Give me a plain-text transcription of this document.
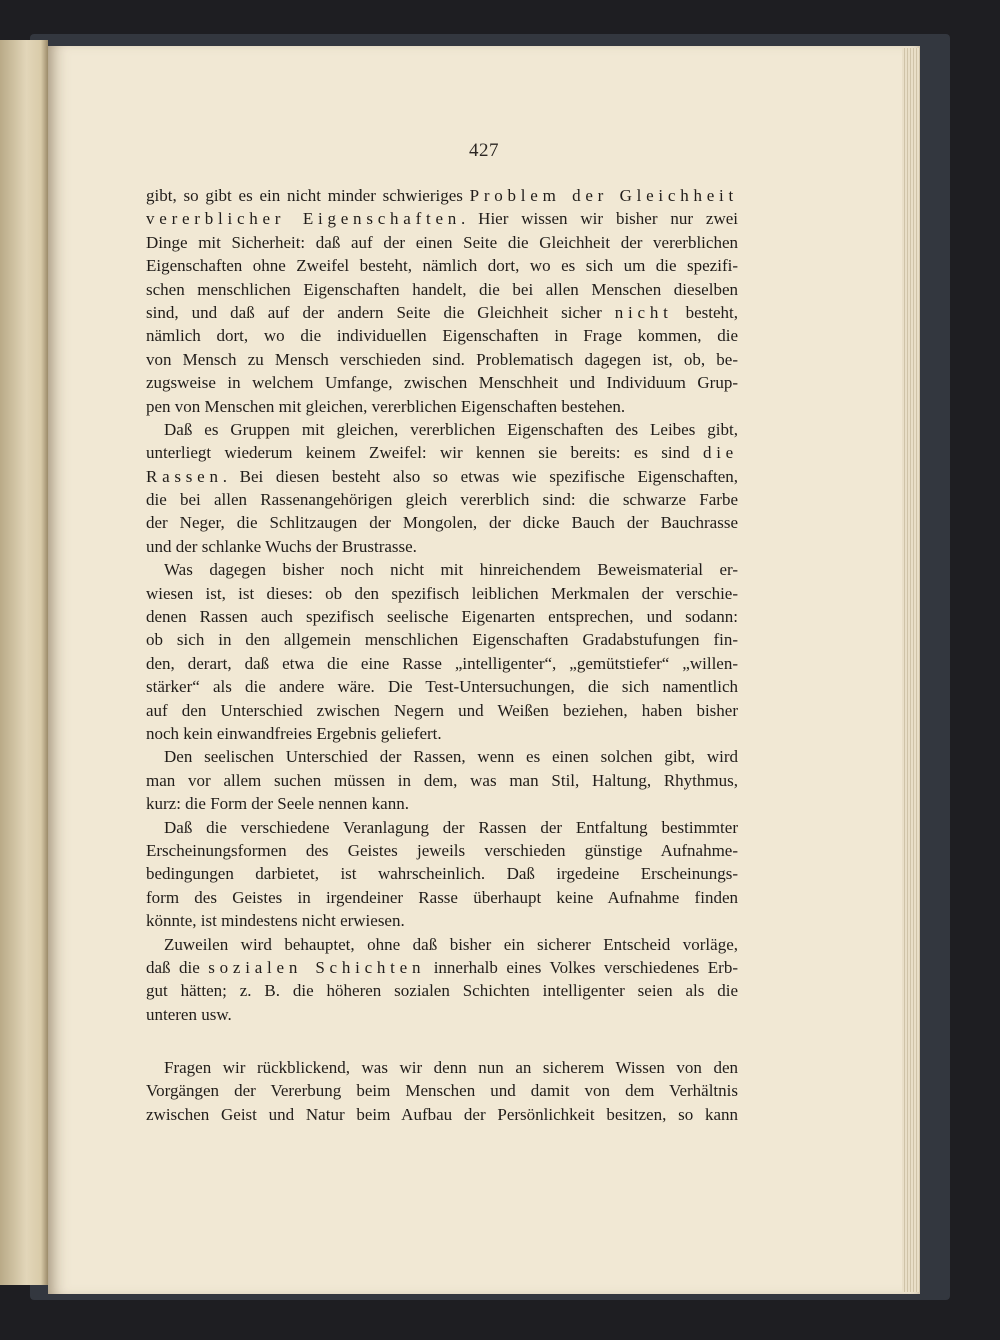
427
gibt, so gibt es ein nicht minder schwieriges Problem der Gleichheit
vererblicher Eigenschaften. Hier wissen wir bisher nur zwei
Dinge mit Sicherheit: daß auf der einen Seite die Gleichheit der vererblichen
Eigenschaften ohne Zweifel besteht, nämlich dort, wo es sich um die spezifi-
schen menschlichen Eigenschaften handelt, die bei allen Menschen dieselben
sind, und daß auf der andern Seite die Gleichheit sicher nicht besteht,
nämlich dort, wo die individuellen Eigenschaften in Frage kommen, die
von Mensch zu Mensch verschieden sind. Problematisch dagegen ist, ob, be-
zugsweise in welchem Umfange, zwischen Menschheit und Individuum Grup-
pen von Menschen mit gleichen, vererblichen Eigenschaften bestehen.
Daß es Gruppen mit gleichen, vererblichen Eigenschaften des Leibes gibt,
unterliegt wiederum keinem Zweifel: wir kennen sie bereits: es sind die
Rassen. Bei diesen besteht also so etwas wie spezifische Eigenschaften,
die bei allen Rassenangehörigen gleich vererblich sind: die schwarze Farbe
der Neger, die Schlitzaugen der Mongolen, der dicke Bauch der Bauchrasse
und der schlanke Wuchs der Brustrasse.
Was dagegen bisher noch nicht mit hinreichendem Beweismaterial er-
wiesen ist, ist dieses: ob den spezifisch leiblichen Merkmalen der verschie-
denen Rassen auch spezifisch seelische Eigenarten entsprechen, und sodann:
ob sich in den allgemein menschlichen Eigenschaften Gradabstufungen fin-
den, derart, daß etwa die eine Rasse „intelligenter“, „gemütstiefer“ „willen-
stärker“ als die andere wäre. Die Test-Untersuchungen, die sich namentlich
auf den Unterschied zwischen Negern und Weißen beziehen, haben bisher
noch kein einwandfreies Ergebnis geliefert.
Den seelischen Unterschied der Rassen, wenn es einen solchen gibt, wird
man vor allem suchen müssen in dem, was man Stil, Haltung, Rhythmus,
kurz: die Form der Seele nennen kann.
Daß die verschiedene Veranlagung der Rassen der Entfaltung bestimmter
Erscheinungsformen des Geistes jeweils verschieden günstige Aufnahme-
bedingungen darbietet, ist wahrscheinlich. Daß irgedeine Erscheinungs-
form des Geistes in irgendeiner Rasse überhaupt keine Aufnahme finden
könnte, ist mindestens nicht erwiesen.
Zuweilen wird behauptet, ohne daß bisher ein sicherer Entscheid vorläge,
daß die sozialen Schichten innerhalb eines Volkes verschiedenes Erb-
gut hätten; z. B. die höheren sozialen Schichten intelligenter seien als die
unteren usw.
Fragen wir rückblickend, was wir denn nun an sicherem Wissen von den
Vorgängen der Vererbung beim Menschen und damit von dem Verhältnis
zwischen Geist und Natur beim Aufbau der Persönlichkeit besitzen, so kann
